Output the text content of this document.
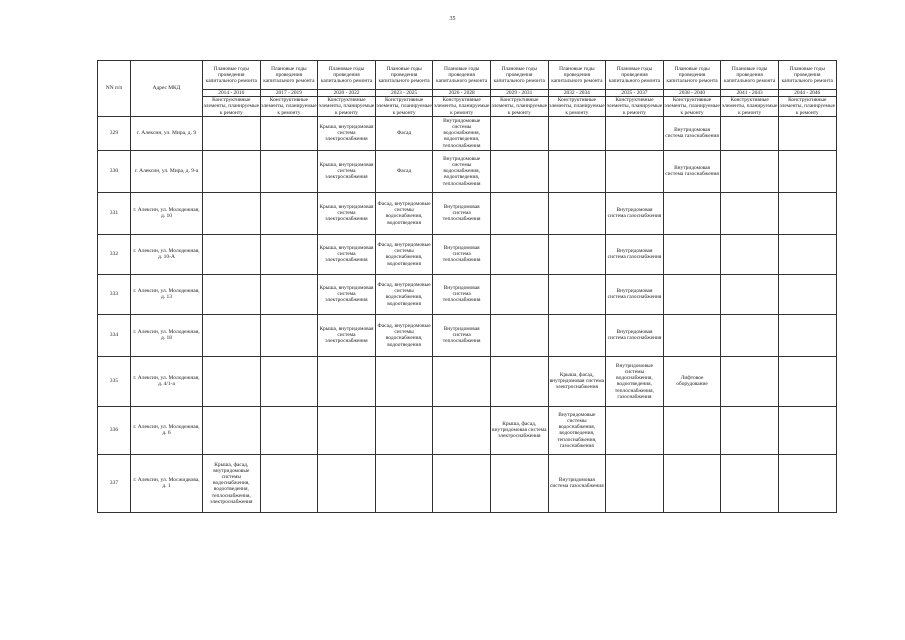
35
NN п/п	Адрес МКД	Плановые годы проведения капитального ремонта	Плановые годы проведения капитального ремонта	Плановые годы проведения капитального ремонта	Плановые годы проведения капитального ремонта	Плановые годы проведения капитального ремонта	Плановые годы проведения капитального ремонта	Плановые годы проведения капитального ремонта	Плановые годы проведения капитального ремонта	Плановые годы проведения капитального ремонта	Плановые годы проведения капитального ремонта	Плановые годы проведения капитального ремонта
		2014 - 2016	2017 - 2019	2020 - 2022	2023 - 2025	2026 - 2028	2029 - 2031	2032 - 2034	2035 - 2037	2038 - 2040	2041 - 2043	2044 - 2046
		Конструктивные элементы, планируемые к ремонту	Конструктивные элементы, планируемые к ремонту	Конструктивные элементы, планируемые к ремонту	Конструктивные элементы, планируемые к ремонту	Конструктивные элементы, планируемые к ремонту	Конструктивные элементы, планируемые к ремонту	Конструктивные элементы, планируемые к ремонту	Конструктивные элементы, планируемые к ремонту	Конструктивные элементы, планируемые к ремонту	Конструктивные элементы, планируемые к ремонту	Конструктивные элементы, планируемые к ремонту
329	г. Алексин, ул. Мира, д. 9			Крыша, внутридомовая система электроснабжения	Фасад	Внутридомовые системы водоснабжения, водоотведения, теплоснабжения				Внутридомовая система газоснабжения		
330	г. Алексин, ул. Мира, д. 9-а			Крыша, внутридомовая система электроснабжения	Фасад	Внутридомовые системы водоснабжения, водоотведения, теплоснабжения				Внутридомовая система газоснабжения		
331	г. Алексин, ул. Молодежная, д. 10			Крыша, внутридомовая система электроснабжения	Фасад, внутридомовые системы водоснабжения, водоотведения	Внутридомовая система теплоснабжения			Внутридомовая система газоснабжения			
332	г. Алексин, ул. Молодежная, д. 10-А			Крыша, внутридомовая система электроснабжения	Фасад, внутридомовые системы водоснабжения, водоотведения	Внутридомовая система теплоснабжения			Внутридомовая система газоснабжения			
333	г. Алексин, ул. Молодежная, д. 13			Крыша, внутридомовая система электроснабжения	Фасад, внутридомовые системы водоснабжения, водоотведения	Внутридомовая система теплоснабжения			Внутридомовая система газоснабжения			
334	г. Алексин, ул. Молодежная, д. 18			Крыша, внутридомовая система электроснабжения	Фасад, внутридомовые системы водоснабжения, водоотведения	Внутридомовая система теплоснабжения			Внутридомовая система газоснабжения			
335	г. Алексин, ул. Молодежная, д. 4/1-а							Крыша, фасад, внутридомовая система электроснабжения	Внутридомовые системы водоснабжения, водоотведения, теплоснабжения, газоснабжения	Лифтовое оборудование		
336	г. Алексин, ул. Молодежная, д. 6						Крыша, фасад, внутридомовая система электроснабжения	Внутридомовые системы водоснабжения, водоотведения, теплоснабжения, газоснабжения				
337	г. Алексин, ул. Мосжидкова, д. 1	Крыша, фасад, внутридомовые системы водоснабжения, водоотведения, теплоснабжения, электроснабжения						Внутридомовая система газоснабжения				
